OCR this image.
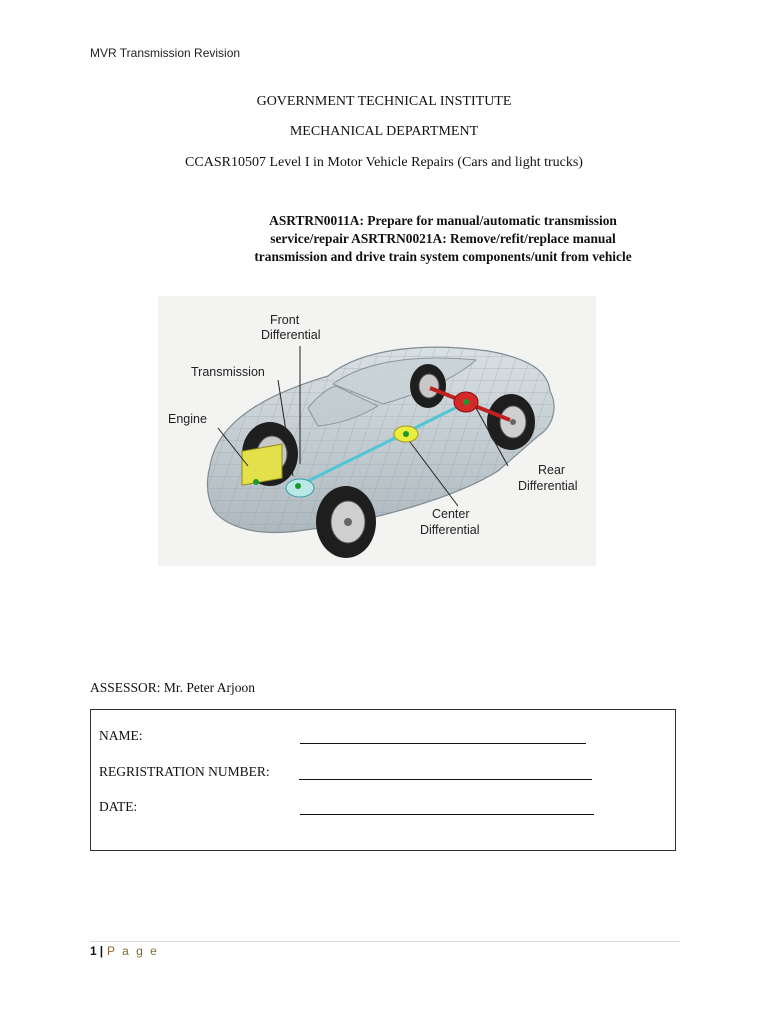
MVR Transmission Revision
GOVERNMENT TECHNICAL INSTITUTE
MECHANICAL DEPARTMENT
CCASR10507 Level I in Motor Vehicle Repairs (Cars and light trucks)
ASRTRN0011A: Prepare for manual/automatic transmission
service/repair ASRTRN0021A: Remove/refit/replace manual
transmission and drive train system components/unit from vehicle
Front
Differential
Transmission
Engine
Rear
Differential
Center
Differential
ASSESSOR: Mr. Peter Arjoon
NAME:
REGRISTRATION NUMBER:
DATE:
1 | P a g e
